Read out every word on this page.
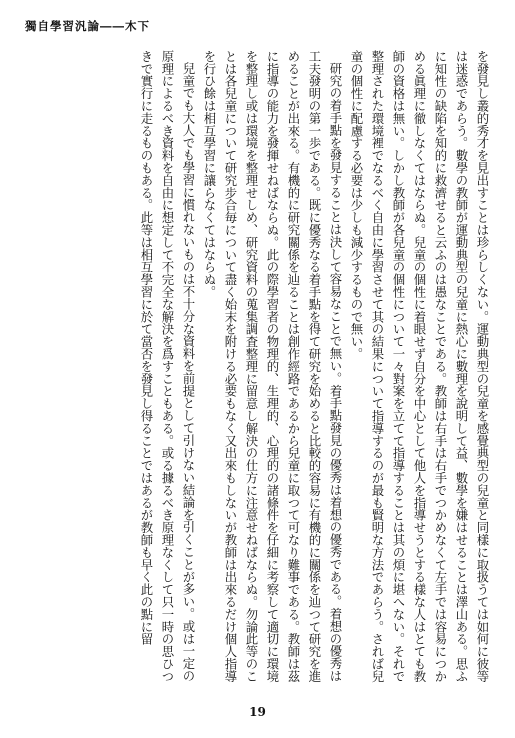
獨自學習汎論――木下

を發見し叢的秀才を見出すことは珍らしくない。運動典型の兒童を感覺典型の兒童と同樣に取扱うては如何に彼等は迷惑であらう。數學の教師が運動典型の兒童に熱心に數理を說明して益、數學を嫌はせることは澤山ある。思ふに知性の缺陷を知的に救濟せると云ふのは愚なことである。教師は右手は右手でつかめなくて左手では容易につかめる眞理に徹しなくてはならぬ。兒童の個性に着眼せず自分を中心として他人を指導せうとする樣な人はとても教師の資格は無い。しかし教師が各兒童の個性について一々對案を立てて指導することは其の煩に堪へない。それで整理された環境裡でなるべく自由に學習させて其の結果について指導するのが最も賢明な方法であらう。されば兒童の個性に配慮する必要は少しも減少するもので無い。

研究の着手點を發見することは決して容易なことで無い。着手點發見の優秀は着想の優秀である。着想の優秀は工夫發明の第一歩である。既に優秀なる着手點を得て研究を始めると比較的容易に有機的に關係を辿つて研究を進めることが出來る。有機的に研究關係を辿ることは創作經路であるから兒童に取つて可なり難事である。教師は茲に指導の能力を發揮せねばならぬ。此の際學習者の物理的、生理的、心理的の諸條件を仔細に考察して適切に環境を整理し或は環境を整理せしめ、研究資料の蒐集調査整理に留意し解決の仕方に注意せねばならぬ。勿論此等のことは各兒童について研究步合毎について盡く始末を附ける必要もなく又出來もしないが教師は出來るだけ個人指導を行ひ餘は相互學習に讓らなくてはならぬ。

兒童でも大人でも學習に慣れないものは不十分な資料を前提として引けない結論を引くことが多い。或は一定の原理によるべき資料を自由に想定して不完全な解決を爲すこともある。或る據るべき原理なくして只一時の思ひつきで實行に走るものもある。此等は相互學習に於て當否を發見し得ることではあるが教師も早く此の點に留

19
